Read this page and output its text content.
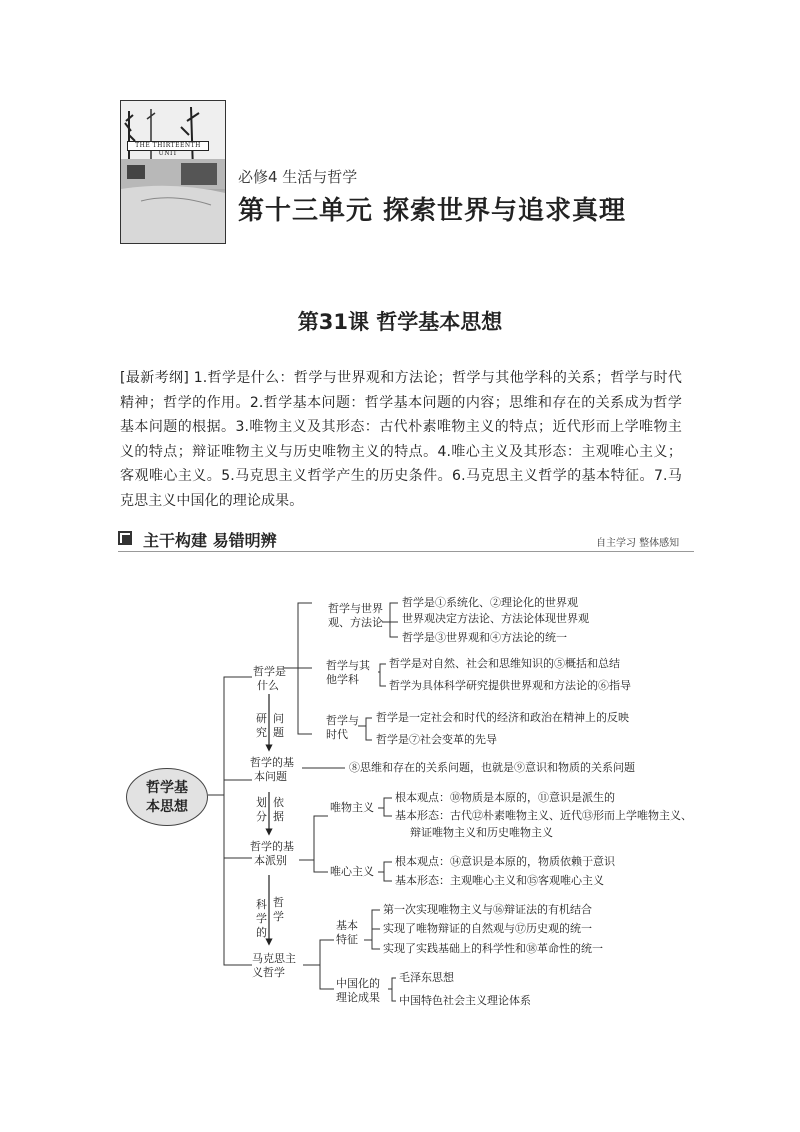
THE THIRTEENTH UNIT
必修4 生活与哲学
第十三单元 探索世界与追求真理
第31课 哲学基本思想
[最新考纲] 1.哲学是什么：哲学与世界观和方法论；哲学与其他学科的关系；哲学与时代精神；哲学的作用。2.哲学基本问题：哲学基本问题的内容；思维和存在的关系成为哲学基本问题的根据。3.唯物主义及其形态：古代朴素唯物主义的特点；近代形而上学唯物主义的特点；辩证唯物主义与历史唯物主义的特点。4.唯心主义及其形态：主观唯心主义；客观唯心主义。5.马克思主义哲学产生的历史条件。6.马克思主义哲学的基本特征。7.马克思主义中国化的理论成果。
主干构建 易错明辨	自主学习 整体感知
哲学是
什么
哲学的基
本问题
哲学的基
本派别
马克思主
义哲学
研
究
问
题
划
分
依
据
科
学
的
哲
学
哲学与世界
观、方法论
哲学与其
他学科
哲学与
时代
唯物主义
唯心主义
基本
特征
中国化的
理论成果
哲学是①系统化、②理论化的世界观
世界观决定方法论、方法论体现世界观
哲学是③世界观和④方法论的统一
哲学是对自然、社会和思维知识的⑤概括和总结
哲学为具体科学研究提供世界观和方法论的⑥指导
哲学是一定社会和时代的经济和政治在精神上的反映
哲学是⑦社会变革的先导
⑧思维和存在的关系问题，也就是⑨意识和物质的关系问题
根本观点：⑩物质是本原的，⑪意识是派生的
基本形态：古代⑫朴素唯物主义、近代⑬形而上学唯物主义、
辩证唯物主义和历史唯物主义
根本观点：⑭意识是本原的，物质依赖于意识
基本形态：主观唯心主义和⑮客观唯心主义
第一次实现唯物主义与⑯辩证法的有机结合
实现了唯物辩证的自然观与⑰历史观的统一
实现了实践基础上的科学性和⑱革命性的统一
毛泽东思想
中国特色社会主义理论体系
哲学基
本思想
